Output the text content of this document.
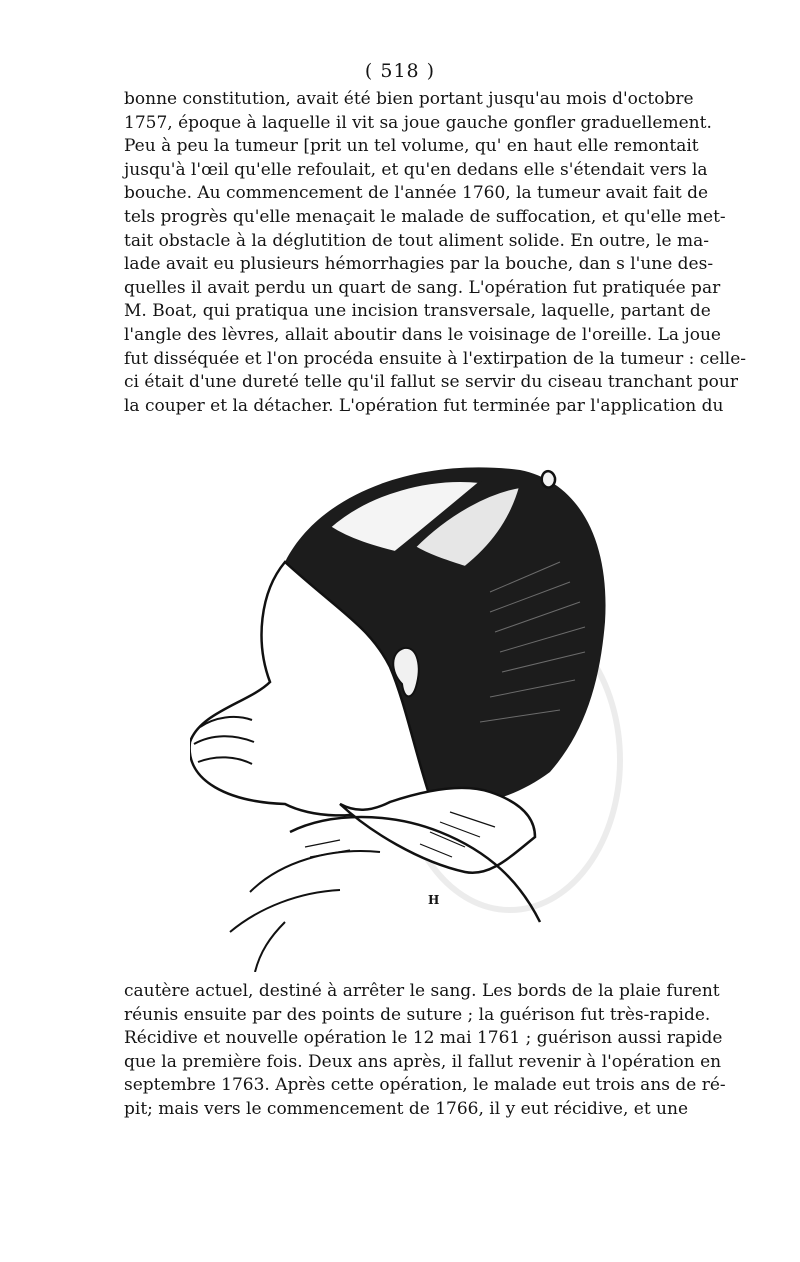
( 518 )
bonne constitution, avait été bien portant jusqu'au mois d'octobre
1757, époque à laquelle il vit sa joue gauche gonfler graduellement.
Peu à peu la tumeur [prit un tel volume, qu' en haut elle remontait
jusqu'à l'œil qu'elle refoulait, et qu'en dedans elle s'étendait vers la
bouche. Au commencement de l'année 1760, la tumeur avait fait de
tels progrès qu'elle menaçait le malade de suffocation, et qu'elle met-
tait obstacle à la déglutition de tout aliment solide. En outre, le ma-
lade avait eu plusieurs hémorrhagies par la bouche, dan s l'une des-
quelles il avait perdu un quart de sang. L'opération fut pratiquée par
M. Boat, qui pratiqua une incision transversale, laquelle, partant de
l'angle des lèvres, allait aboutir dans le voisinage de l'oreille. La joue
fut disséquée et l'on procéda ensuite à l'extirpation de la tumeur : celle-
ci était d'une dureté telle qu'il fallut se servir du ciseau tranchant pour
la couper et la détacher. L'opération fut terminée par l'application du
H
cautère actuel, destiné à arrêter le sang. Les bords de la plaie furent
réunis ensuite par des points de suture ; la guérison fut très-rapide.
Récidive et nouvelle opération le 12 mai 1761 ; guérison aussi rapide
que la première fois. Deux ans après, il fallut revenir à l'opération en
septembre 1763. Après cette opération, le malade eut trois ans de ré-
pit; mais vers le commencement de 1766, il y eut récidive, et une
